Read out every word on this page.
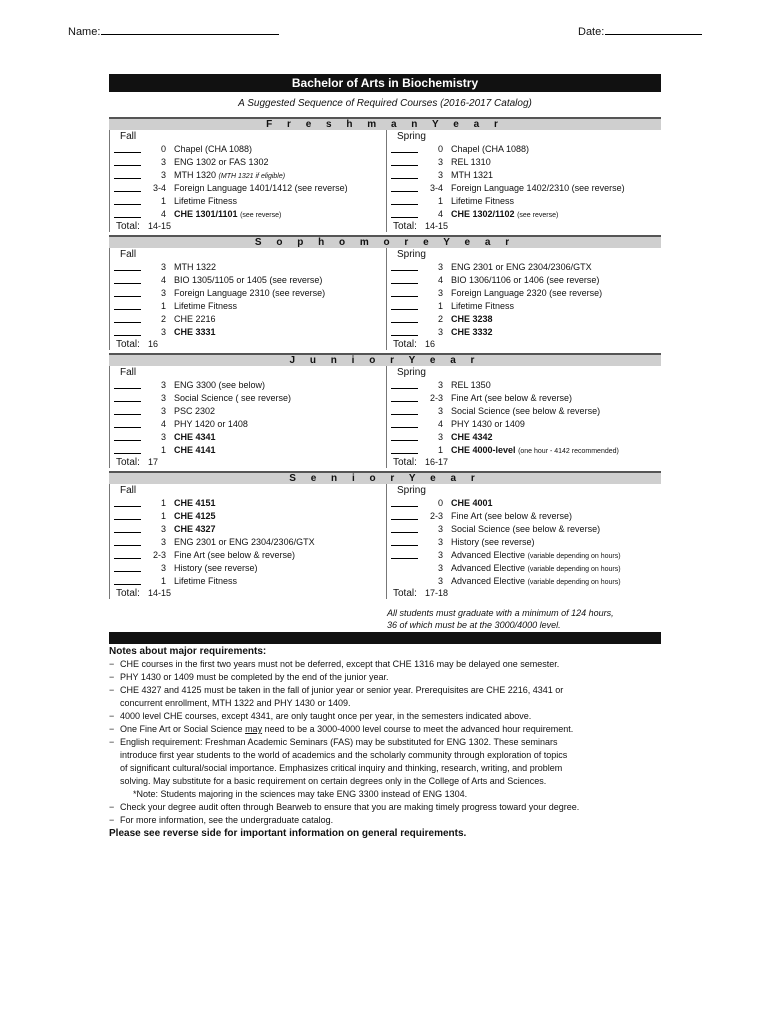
Name:	Date:
Bachelor of Arts in Biochemistry
A Suggested Sequence of Required Courses (2016-2017 Catalog)
F r e s h m a n Y e a r
Fall
0 Chapel (CHA 1088)
3 ENG 1302 or FAS 1302
3 MTH 1320 (MTH 1321 if eligible)
3-4 Foreign Language 1401/1412 (see reverse)
1 Lifetime Fitness
4 CHE 1301/1101 (see reverse)
Total: 14-15
Spring
0 Chapel (CHA 1088)
3 REL 1310
3 MTH 1321
3-4 Foreign Language 1402/2310 (see reverse)
1 Lifetime Fitness
4 CHE 1302/1102 (see reverse)
Total: 14-15
S o p h o m o r e Y e a r
Fall
3 MTH 1322
4 BIO 1305/1105 or 1405 (see reverse)
3 Foreign Language 2310 (see reverse)
1 Lifetime Fitness
2 CHE 2216
3 CHE 3331
Total: 16
Spring
3 ENG 2301 or ENG 2304/2306/GTX
4 BIO 1306/1106 or 1406 (see reverse)
3 Foreign Language 2320 (see reverse)
1 Lifetime Fitness
2 CHE 3238
3 CHE 3332
Total: 16
J u n i o r Y e a r
Fall
3 ENG 3300 (see below)
3 Social Science ( see reverse)
3 PSC 2302
4 PHY 1420 or 1408
3 CHE 4341
1 CHE 4141
Total: 17
Spring
3 REL 1350
2-3 Fine Art (see below & reverse)
3 Social Science (see below & reverse)
4 PHY 1430 or 1409
3 CHE 4342
1 CHE 4000-level (one hour - 4142 recommended)
Total: 16-17
S e n i o r Y e a r
Fall
1 CHE 4151
1 CHE 4125
3 CHE 4327
3 ENG 2301 or ENG 2304/2306/GTX
2-3 Fine Art (see below & reverse)
3 History (see reverse)
1 Lifetime Fitness
Total: 14-15
Spring
0 CHE 4001
2-3 Fine Art (see below & reverse)
3 Social Science (see below & reverse)
3 History (see reverse)
3 Advanced Elective (variable depending on hours)
3 Advanced Elective (variable depending on hours)
3 Advanced Elective (variable depending on hours)
Total: 17-18
All students must graduate with a minimum of 124 hours,
36 of which must be at the 3000/4000 level.
Notes about major requirements:
− CHE courses in the first two years must not be deferred, except that CHE 1316 may be delayed one semester.
− PHY 1430 or 1409 must be completed by the end of the junior year.
− CHE 4327 and 4125 must be taken in the fall of junior year or senior year. Prerequisites are CHE 2216, 4341 or
concurrent enrollment, MTH 1322 and PHY 1430 or 1409.
− 4000 level CHE courses, except 4341, are only taught once per year, in the semesters indicated above.
− One Fine Art or Social Science may need to be a 3000-4000 level course to meet the advanced hour requirement.
− English requirement: Freshman Academic Seminars (FAS) may be substituted for ENG 1302. These seminars
introduce first year students to the world of academics and the scholarly community through exploration of topics
of significant cultural/social importance. Emphasizes critical inquiry and thinking, research, writing, and problem
solving. May substitute for a basic requirement on certain degrees only in the College of Arts and Sciences.
*Note: Students majoring in the sciences may take ENG 3300 instead of ENG 1304.
− Check your degree audit often through Bearweb to ensure that you are making timely progress toward your degree.
− For more information, see the undergraduate catalog.
Please see reverse side for important information on general requirements.
